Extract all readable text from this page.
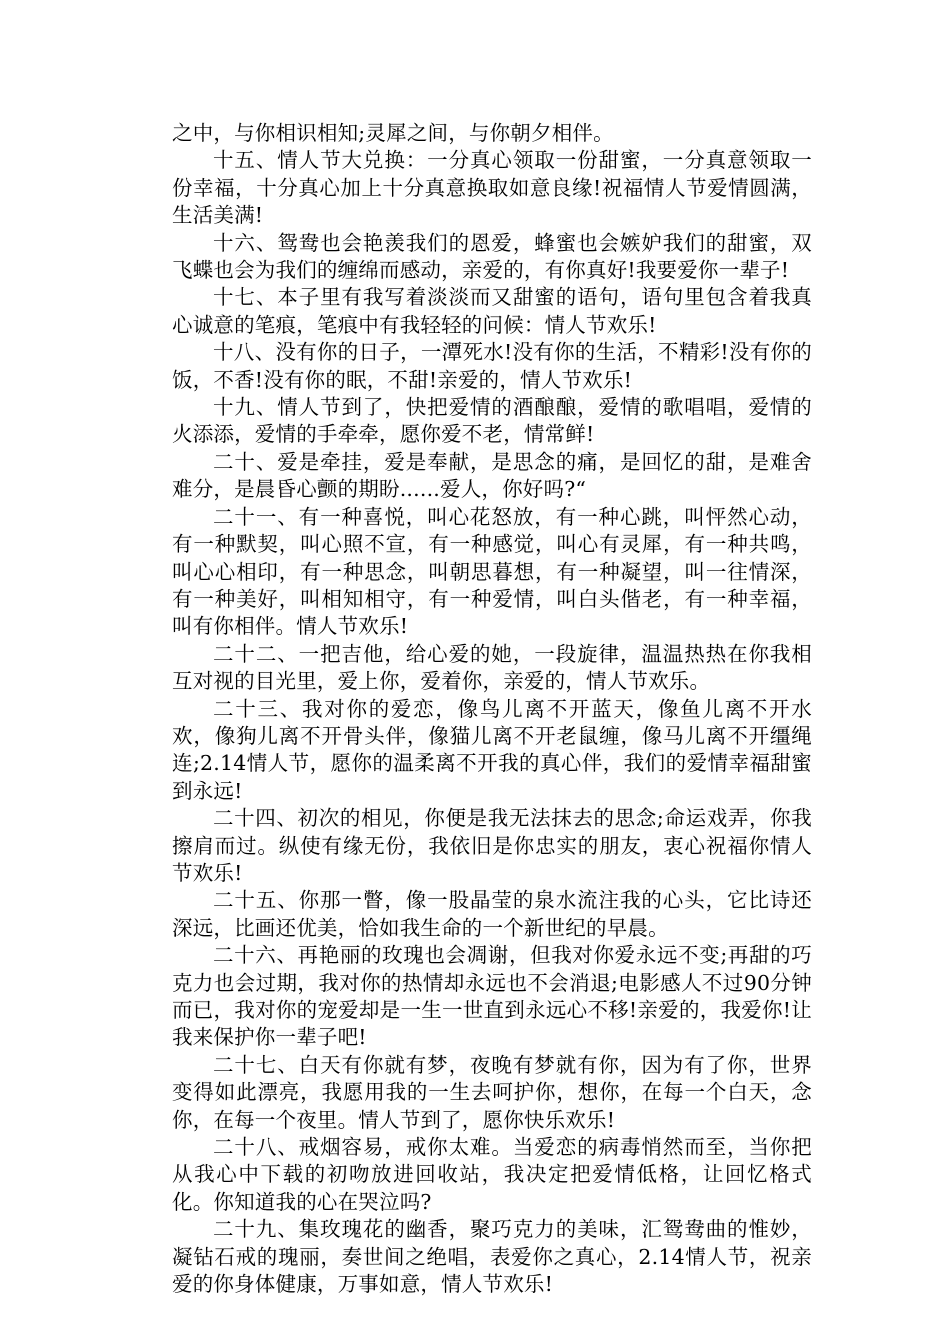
之中，与你相识相知;灵犀之间，与你朝夕相伴。

十五、情人节大兑换：一分真心领取一份甜蜜，一分真意领取一份幸福，十分真心加上十分真意换取如意良缘!祝福情人节爱情圆满，生活美满!

十六、鸳鸯也会艳羡我们的恩爱，蜂蜜也会嫉妒我们的甜蜜，双飞蝶也会为我们的缠绵而感动，亲爱的，有你真好!我要爱你一辈子!

十七、本子里有我写着淡淡而又甜蜜的语句，语句里包含着我真心诚意的笔痕，笔痕中有我轻轻的问候：情人节欢乐!

十八、没有你的日子，一潭死水!没有你的生活，不精彩!没有你的饭，不香!没有你的眠，不甜!亲爱的，情人节欢乐!

十九、情人节到了，快把爱情的酒酿酿，爱情的歌唱唱，爱情的火添添，爱情的手牵牵，愿你爱不老，情常鲜!

二十、爱是牵挂，爱是奉献，是思念的痛，是回忆的甜，是难舍难分，是晨昏心颤的期盼......爱人，你好吗?“

二十一、有一种喜悦，叫心花怒放，有一种心跳，叫怦然心动，有一种默契，叫心照不宣，有一种感觉，叫心有灵犀，有一种共鸣，叫心心相印，有一种思念，叫朝思暮想，有一种凝望，叫一往情深，有一种美好，叫相知相守，有一种爱情，叫白头偕老，有一种幸福，叫有你相伴。情人节欢乐!

二十二、一把吉他，给心爱的她，一段旋律，温温热热在你我相互对视的目光里，爱上你，爱着你，亲爱的，情人节欢乐。

二十三、我对你的爱恋，像鸟儿离不开蓝天，像鱼儿离不开水欢，像狗儿离不开骨头伴，像猫儿离不开老鼠缠，像马儿离不开缰绳连;2.14情人节，愿你的温柔离不开我的真心伴，我们的爱情幸福甜蜜到永远!

二十四、初次的相见，你便是我无法抹去的思念;命运戏弄，你我擦肩而过。纵使有缘无份，我依旧是你忠实的朋友，衷心祝福你情人节欢乐!

二十五、你那一瞥，像一股晶莹的泉水流注我的心头，它比诗还深远，比画还优美，恰如我生命的一个新世纪的早晨。

二十六、再艳丽的玫瑰也会凋谢，但我对你爱永远不变;再甜的巧克力也会过期，我对你的热情却永远也不会消退;电影感人不过90分钟而已，我对你的宠爱却是一生一世直到永远心不移!亲爱的，我爱你!让我来保护你一辈子吧!

二十七、白天有你就有梦，夜晚有梦就有你，因为有了你，世界变得如此漂亮，我愿用我的一生去呵护你，想你，在每一个白天，念你，在每一个夜里。情人节到了，愿你快乐欢乐!

二十八、戒烟容易，戒你太难。当爱恋的病毒悄然而至，当你把从我心中下载的初吻放进回收站，我决定把爱情低格，让回忆格式化。你知道我的心在哭泣吗?

二十九、集玫瑰花的幽香，聚巧克力的美味，汇鸳鸯曲的惟妙，凝钻石戒的瑰丽，奏世间之绝唱，表爱你之真心，2.14情人节，祝亲爱的你身体健康，万事如意，情人节欢乐!
